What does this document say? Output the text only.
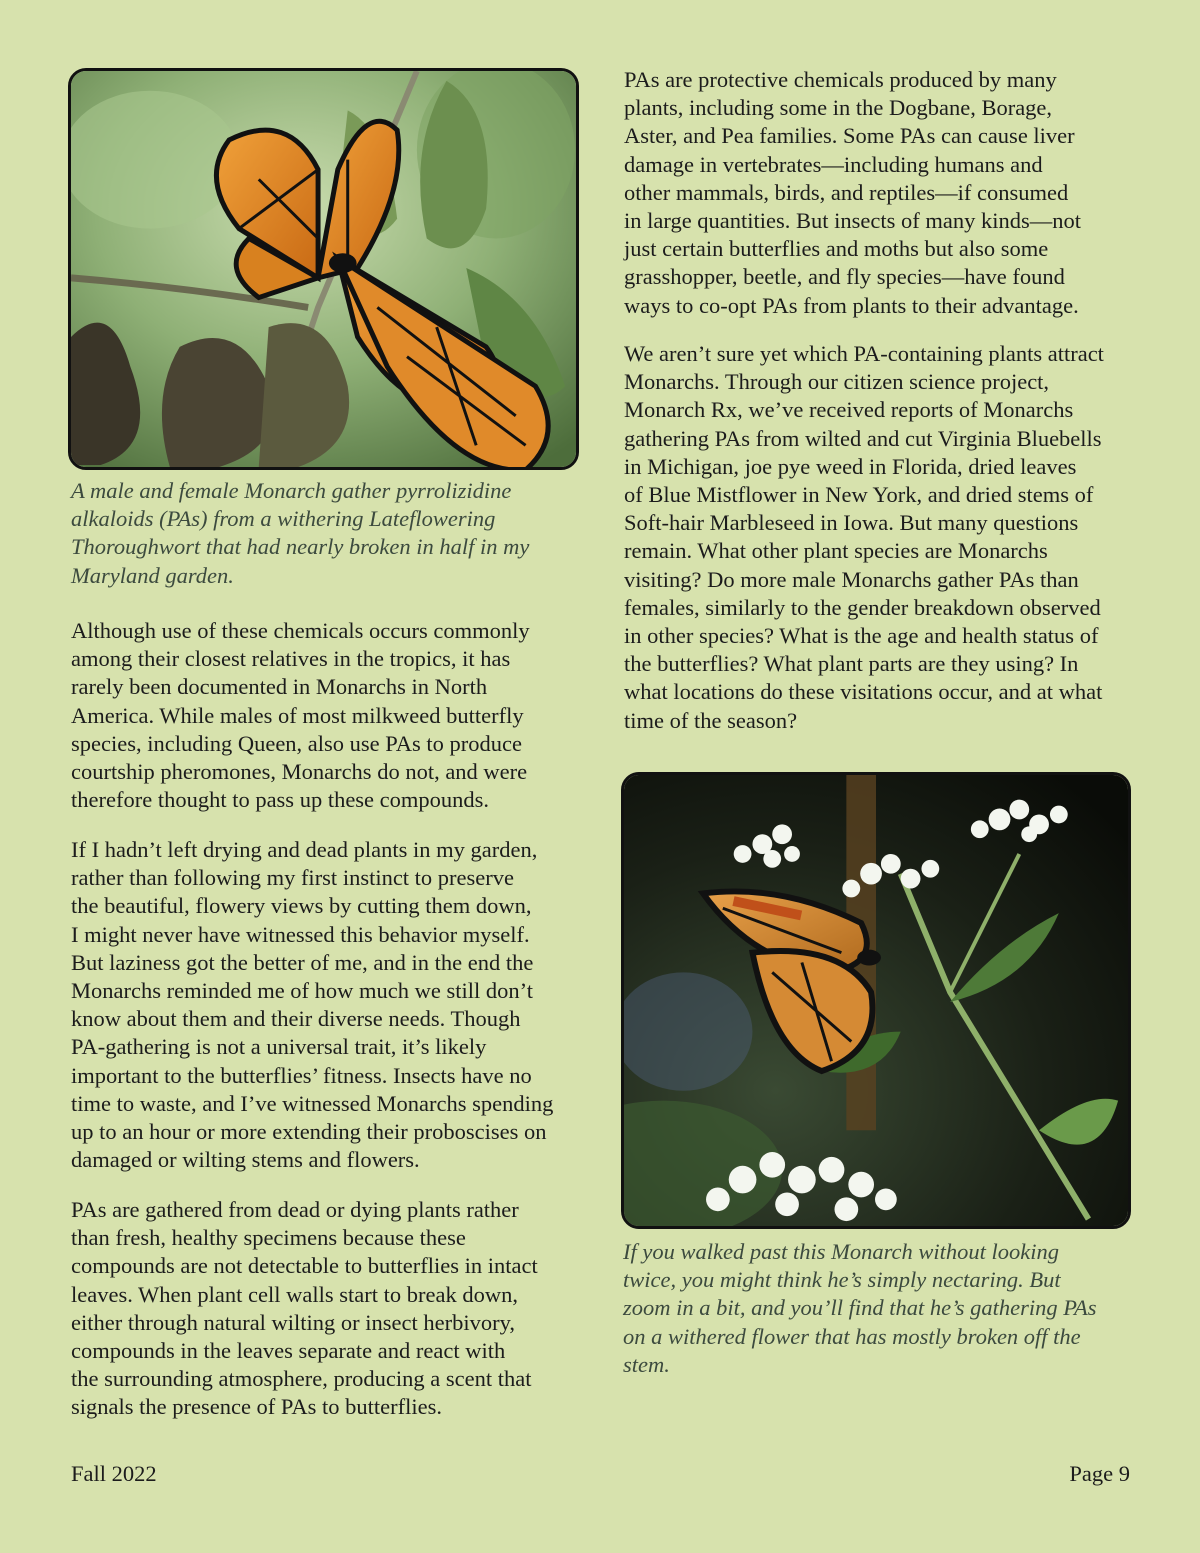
A male and female Monarch gather pyrrolizidine
alkaloids (PAs) from a withering Lateflowering
Thoroughwort that had nearly broken in half in my
Maryland garden.
Although use of these chemicals occurs commonly
among their closest relatives in the tropics, it has
rarely been documented in Monarchs in North
America. While males of most milkweed butterfly
species, including Queen, also use PAs to produce
courtship pheromones, Monarchs do not, and were
therefore thought to pass up these compounds.
If I hadn’t left drying and dead plants in my garden,
rather than following my first instinct to preserve
the beautiful, flowery views by cutting them down,
I might never have witnessed this behavior myself.
But laziness got the better of me, and in the end the
Monarchs reminded me of how much we still don’t
know about them and their diverse needs. Though
PA-gathering is not a universal trait, it’s likely
important to the butterflies’ fitness. Insects have no
time to waste, and I’ve witnessed Monarchs spending
up to an hour or more extending their proboscises on
damaged or wilting stems and flowers.
PAs are gathered from dead or dying plants rather
than fresh, healthy specimens because these
compounds are not detectable to butterflies in intact
leaves. When plant cell walls start to break down,
either through natural wilting or insect herbivory,
compounds in the leaves separate and react with
the surrounding atmosphere, producing a scent that
signals the presence of PAs to butterflies.
PAs are protective chemicals produced by many
plants, including some in the Dogbane, Borage,
Aster, and Pea families. Some PAs can cause liver
damage in vertebrates—including humans and
other mammals, birds, and reptiles—if consumed
in large quantities. But insects of many kinds—not
just certain butterflies and moths but also some
grasshopper, beetle, and fly species—have found
ways to co-opt PAs from plants to their advantage.
We aren’t sure yet which PA-containing plants attract
Monarchs. Through our citizen science project,
Monarch Rx, we’ve received reports of Monarchs
gathering PAs from wilted and cut Virginia Bluebells
in Michigan, joe pye weed in Florida, dried leaves
of Blue Mistflower in New York, and dried stems of
Soft-hair Marbleseed in Iowa. But many questions
remain. What other plant species are Monarchs
visiting? Do more male Monarchs gather PAs than
females, similarly to the gender breakdown observed
in other species? What is the age and health status of
the butterflies? What plant parts are they using? In
what locations do these visitations occur, and at what
time of the season?
If you walked past this Monarch without looking
twice, you might think he’s simply nectaring. But
zoom in a bit, and you’ll find that he’s gathering PAs
on a withered flower that has mostly broken off the
stem.
Fall 2022	Page 9
